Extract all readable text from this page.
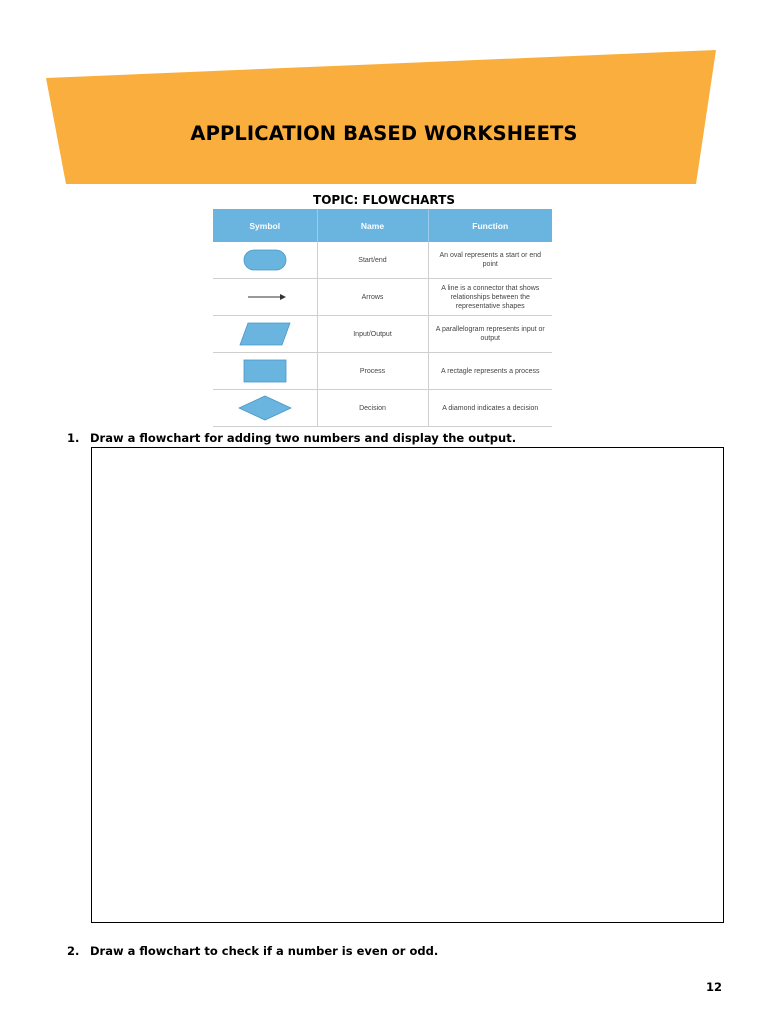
APPLICATION BASED WORKSHEETS
TOPIC: FLOWCHARTS
Symbol	Name	Function

	Start/end	An oval represents a start or end point

	Arrows	A line is a connector that shows relationships between the representative shapes

	Input/Output	A parallelogram represents input or output

	Process	A rectagle represents a process

	Decision	A diamond indicates a decision
1. Draw a flowchart for adding two numbers and display the output.
2. Draw a flowchart to check if a number is even or odd.
12
